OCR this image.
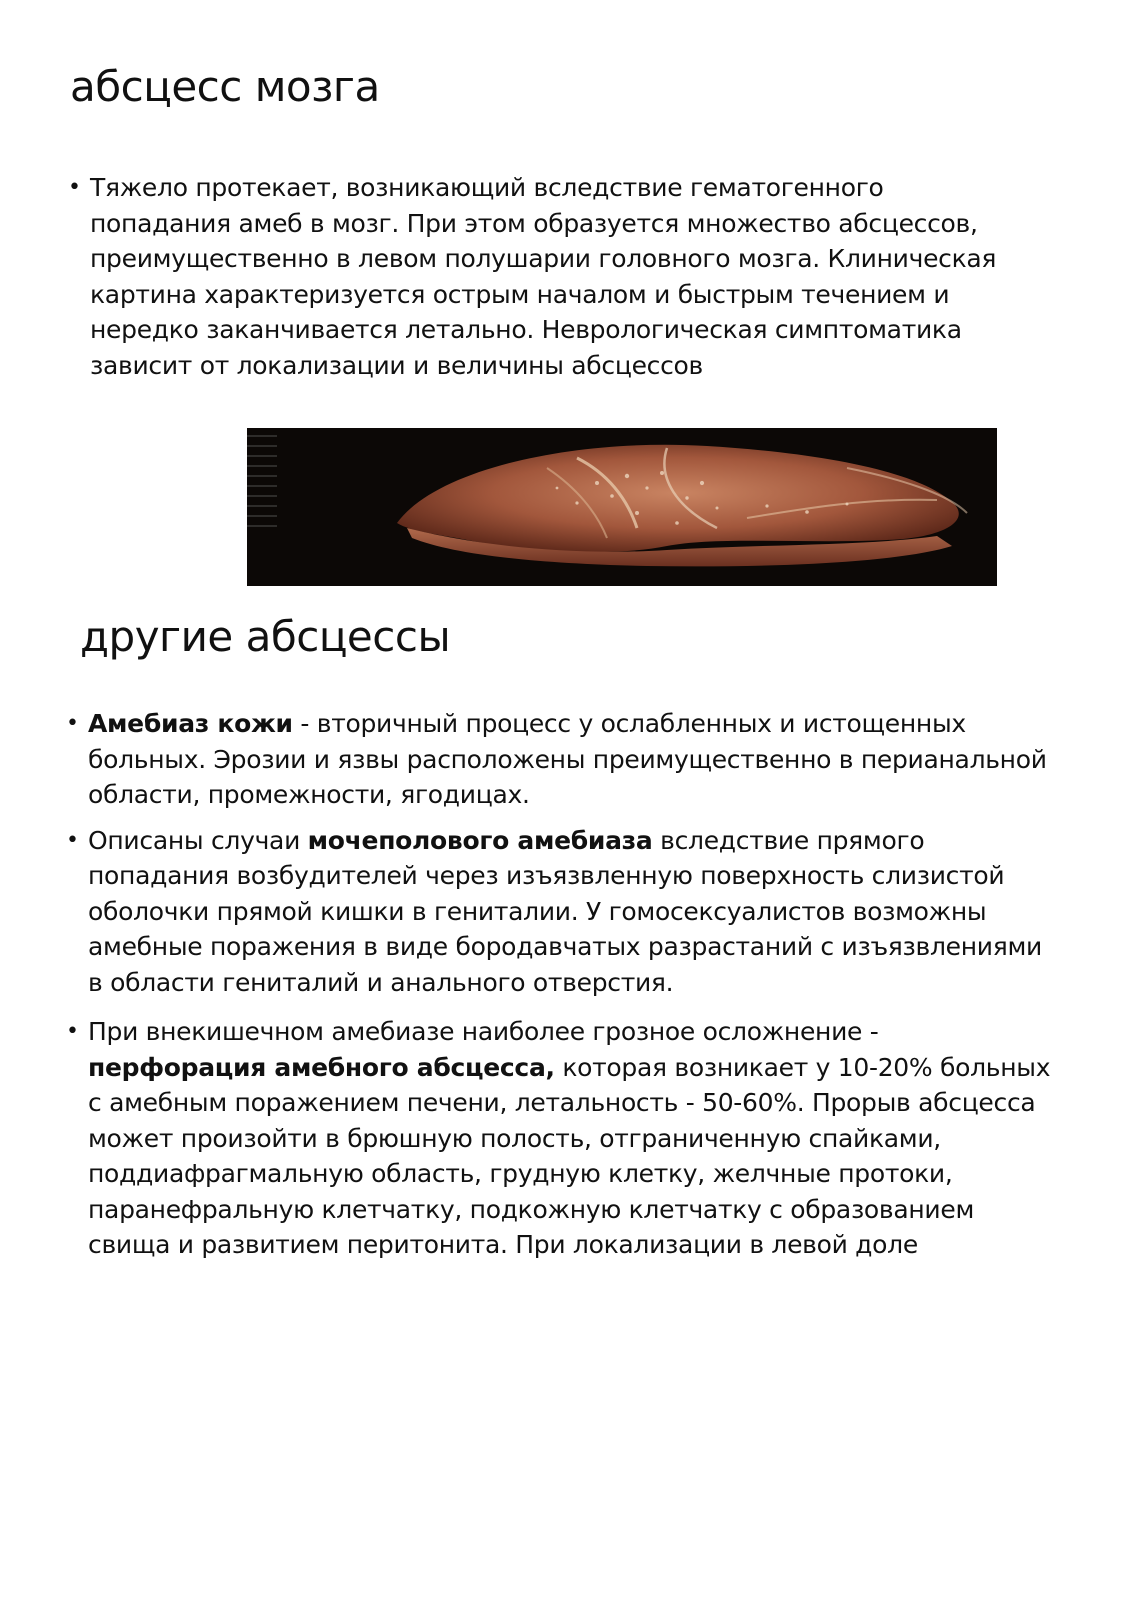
абсцесс мозга
• Тяжело протекает, возникающий вследствие гематогенного попадания амеб в мозг. При этом образуется множество абсцессов, преимущественно в левом полушарии головного мозга. Клиническая картина характеризуется острым началом и быстрым течением и нередко заканчивается летально. Неврологическая симптоматика зависит от локализации и величины абсцессов
другие абсцессы
• Амебиаз кожи - вторичный процесс у ослабленных и истощенных больных. Эрозии и язвы расположены преимущественно в перианальной области, промежности, ягодицах.
• Описаны случаи мочеполового амебиаза вследствие прямого попадания возбудителей через изъязвленную поверхность слизистой оболочки прямой кишки в гениталии. У гомосексуалистов возможны амебные поражения в виде бородавчатых разрастаний с изъязвлениями в области гениталий и анального отверстия.
• При внекишечном амебиазе наиболее грозное осложнение - перфорация амебного абсцесса, которая возникает у 10-20% больных с амебным поражением печени, летальность - 50-60%. Прорыв абсцесса может произойти в брюшную полость, отграниченную спайками, поддиафрагмальную область, грудную клетку, желчные протоки, паранефральную клетчатку, подкожную клетчатку с образованием свища и развитием перитонита. При локализации в левой доле
